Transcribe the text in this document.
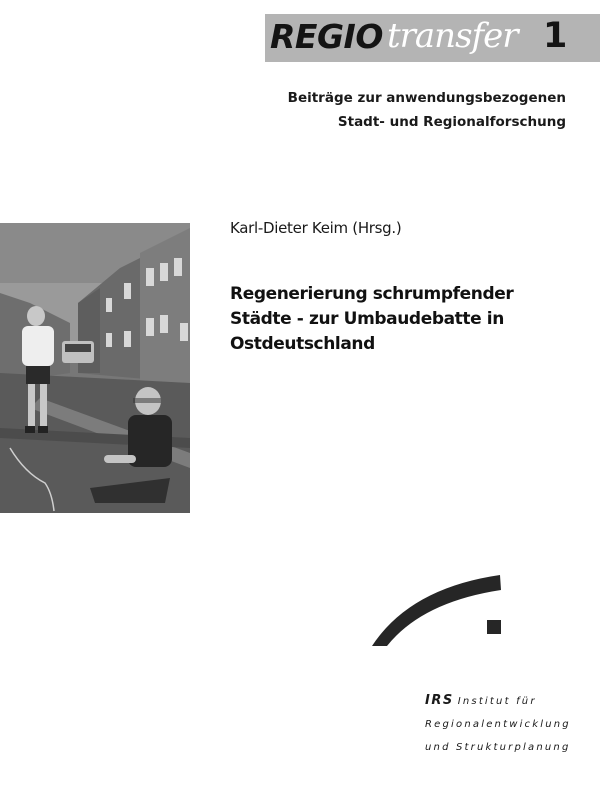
REGIO transfer 1
Beiträge zur anwendungsbezogenen
Stadt- und Regionalforschung
Karl-Dieter Keim (Hrsg.)
Regenerierung schrumpfender
Städte - zur Umbaudebatte in
Ostdeutschland
IRS Institut für
Regionalentwicklung
und Strukturplanung
